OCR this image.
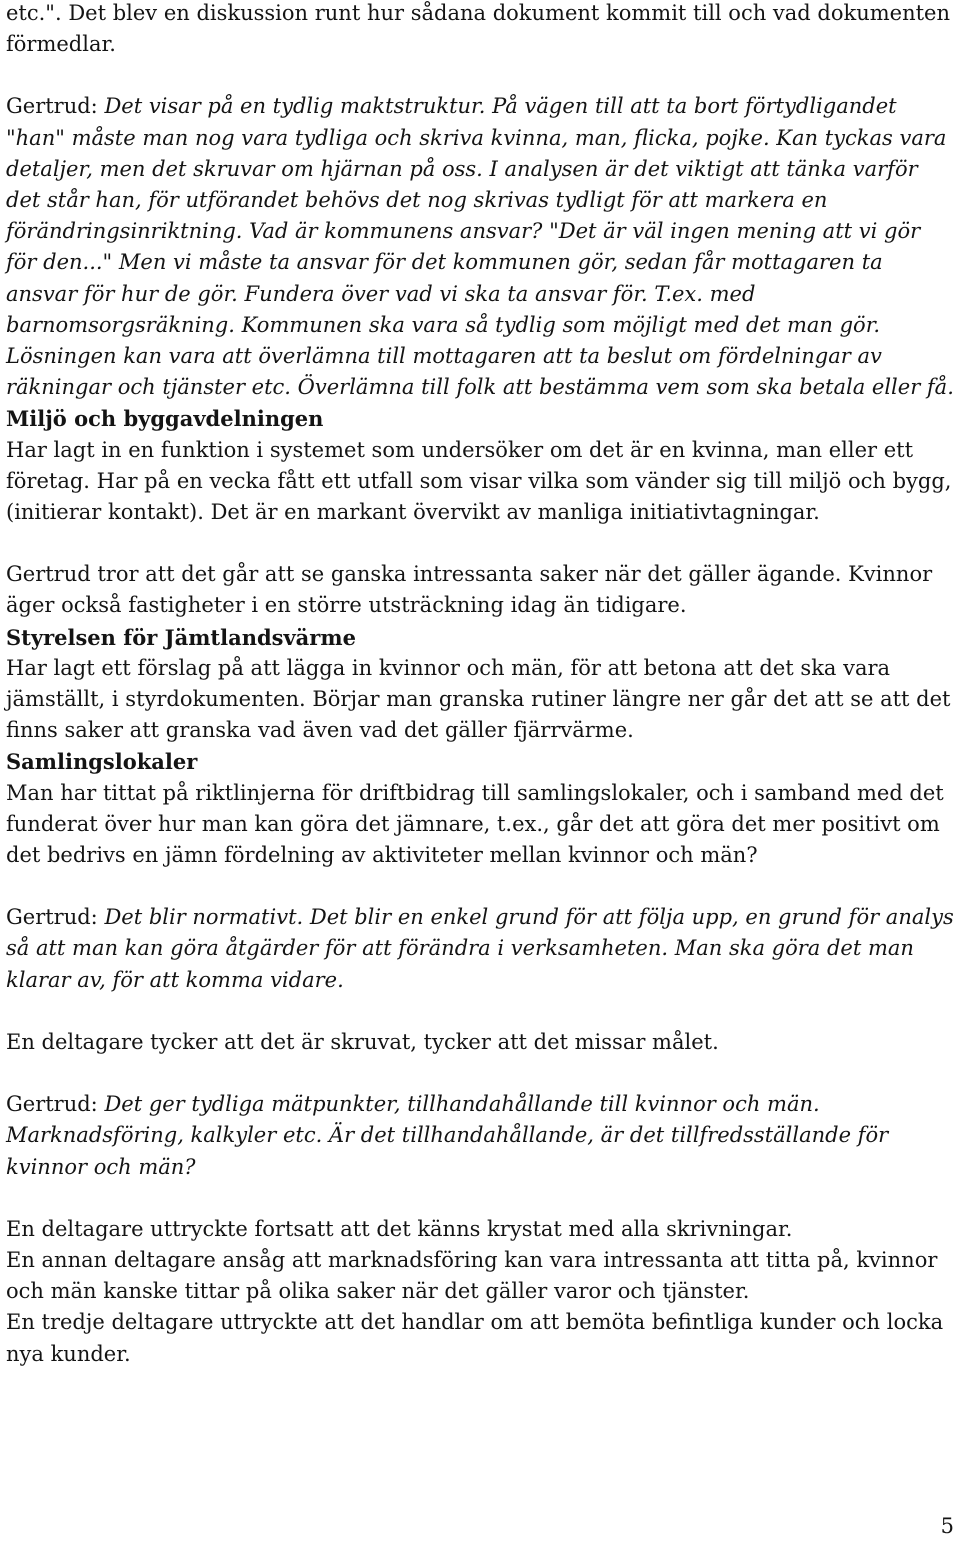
etc.". Det blev en diskussion runt hur sådana dokument kommit till och vad dokumenten förmedlar.

Gertrud: Det visar på en tydlig maktstruktur. På vägen till att ta bort förtydligandet "han" måste man nog vara tydliga och skriva kvinna, man, flicka, pojke. Kan tyckas vara detaljer, men det skruvar om hjärnan på oss. I analysen är det viktigt att tänka varför det står han, för utförandet behövs det nog skrivas tydligt för att markera en förändringsinriktning. Vad är kommunens ansvar? "Det är väl ingen mening att vi gör för den..." Men vi måste ta ansvar för det kommunen gör, sedan får mottagaren ta ansvar för hur de gör. Fundera över vad vi ska ta ansvar för. T.ex. med barnomsorgsräkning. Kommunen ska vara så tydlig som möjligt med det man gör. Lösningen kan vara att överlämna till mottagaren att ta beslut om fördelningar av räkningar och tjänster etc. Överlämna till folk att bestämma vem som ska betala eller få.

Miljö och byggavdelningen

Har lagt in en funktion i systemet som undersöker om det är en kvinna, man eller ett företag. Har på en vecka fått ett utfall som visar vilka som vänder sig till miljö och bygg, (initierar kontakt). Det är en markant övervikt av manliga initiativtagningar.

Gertrud tror att det går att se ganska intressanta saker när det gäller ägande. Kvinnor äger också fastigheter i en större utsträckning idag än tidigare.

Styrelsen för Jämtlandsvärme

Har lagt ett förslag på att lägga in kvinnor och män, för att betona att det ska vara jämställt, i styrdokumenten. Börjar man granska rutiner längre ner går det att se att det finns saker att granska vad även vad det gäller fjärrvärme.

Samlingslokaler

Man har tittat på riktlinjerna för driftbidrag till samlingslokaler, och i samband med det funderat över hur man kan göra det jämnare, t.ex., går det att göra det mer positivt om det bedrivs en jämn fördelning av aktiviteter mellan kvinnor och män?

Gertrud: Det blir normativt. Det blir en enkel grund för att följa upp, en grund för analys så att man kan göra åtgärder för att förändra i verksamheten. Man ska göra det man klarar av, för att komma vidare.

En deltagare tycker att det är skruvat, tycker att det missar målet.

Gertrud: Det ger tydliga mätpunkter, tillhandahållande till kvinnor och män. Marknadsföring, kalkyler etc. Är det tillhandahållande, är det tillfredsställande för kvinnor och män?

En deltagare uttryckte fortsatt att det känns krystat med alla skrivningar.

En annan deltagare ansåg att marknadsföring kan vara intressanta att titta på, kvinnor och män kanske tittar på olika saker när det gäller varor och tjänster.

En tredje deltagare uttryckte att det handlar om att bemöta befintliga kunder och locka nya kunder.

5
